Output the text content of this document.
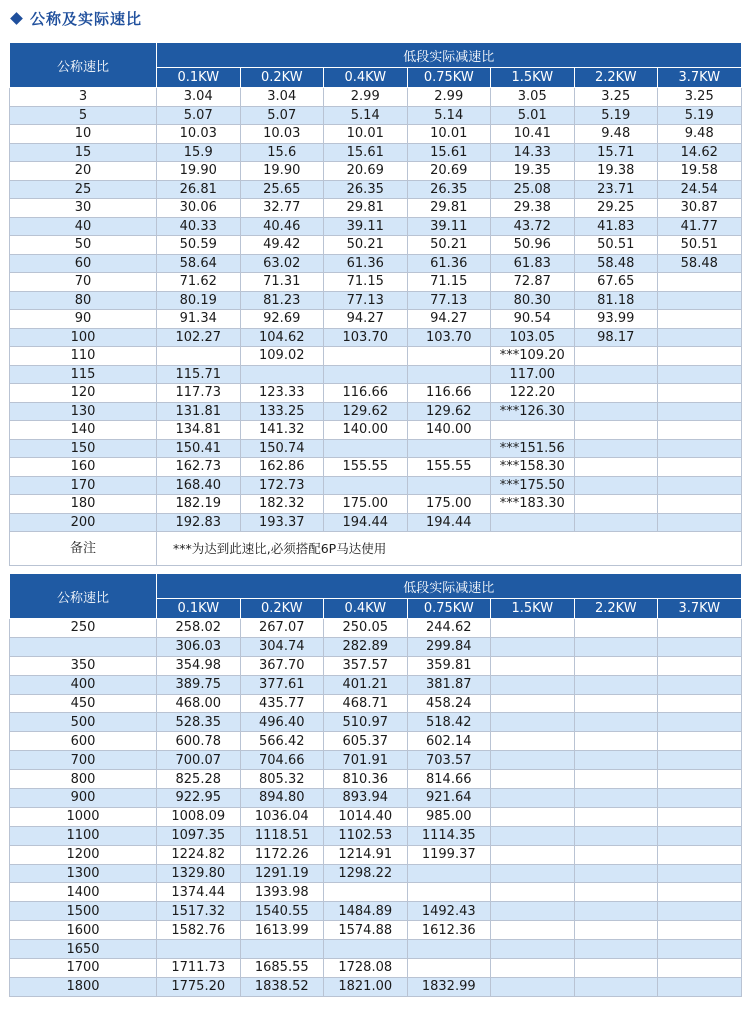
公称及实际速比
公称速比	低段实际减速比						
	0.1KW	0.2KW	0.4KW	0.75KW	1.5KW	2.2KW	3.7KW
3	3.04	3.04	2.99	2.99	3.05	3.25	3.25
5	5.07	5.07	5.14	5.14	5.01	5.19	5.19
10	10.03	10.03	10.01	10.01	10.41	9.48	9.48
15	15.9	15.6	15.61	15.61	14.33	15.71	14.62
20	19.90	19.90	20.69	20.69	19.35	19.38	19.58
25	26.81	25.65	26.35	26.35	25.08	23.71	24.54
30	30.06	32.77	29.81	29.81	29.38	29.25	30.87
40	40.33	40.46	39.11	39.11	43.72	41.83	41.77
50	50.59	49.42	50.21	50.21	50.96	50.51	50.51
60	58.64	63.02	61.36	61.36	61.83	58.48	58.48
70	71.62	71.31	71.15	71.15	72.87	67.65	
80	80.19	81.23	77.13	77.13	80.30	81.18	
90	91.34	92.69	94.27	94.27	90.54	93.99	
100	102.27	104.62	103.70	103.70	103.05	98.17	
110		109.02			***109.20		
115	115.71				117.00		
120	117.73	123.33	116.66	116.66	122.20		
130	131.81	133.25	129.62	129.62	***126.30		
140	134.81	141.32	140.00	140.00			
150	150.41	150.74			***151.56		
160	162.73	162.86	155.55	155.55	***158.30		
170	168.40	172.73			***175.50		
180	182.19	182.32	175.00	175.00	***183.30		
200	192.83	193.37	194.44	194.44			
备注	***为达到此速比,必须搭配6P马达使用						
公称速比	低段实际减速比						
	0.1KW	0.2KW	0.4KW	0.75KW	1.5KW	2.2KW	3.7KW
250	258.02	267.07	250.05	244.62			
	306.03	304.74	282.89	299.84			
350	354.98	367.70	357.57	359.81			
400	389.75	377.61	401.21	381.87			
450	468.00	435.77	468.71	458.24			
500	528.35	496.40	510.97	518.42			
600	600.78	566.42	605.37	602.14			
700	700.07	704.66	701.91	703.57			
800	825.28	805.32	810.36	814.66			
900	922.95	894.80	893.94	921.64			
1000	1008.09	1036.04	1014.40	985.00			
1100	1097.35	1118.51	1102.53	1114.35			
1200	1224.82	1172.26	1214.91	1199.37			
1300	1329.80	1291.19	1298.22				
1400	1374.44	1393.98					
1500	1517.32	1540.55	1484.89	1492.43			
1600	1582.76	1613.99	1574.88	1612.36			
1650							
1700	1711.73	1685.55	1728.08				
1800	1775.20	1838.52	1821.00	1832.99			
